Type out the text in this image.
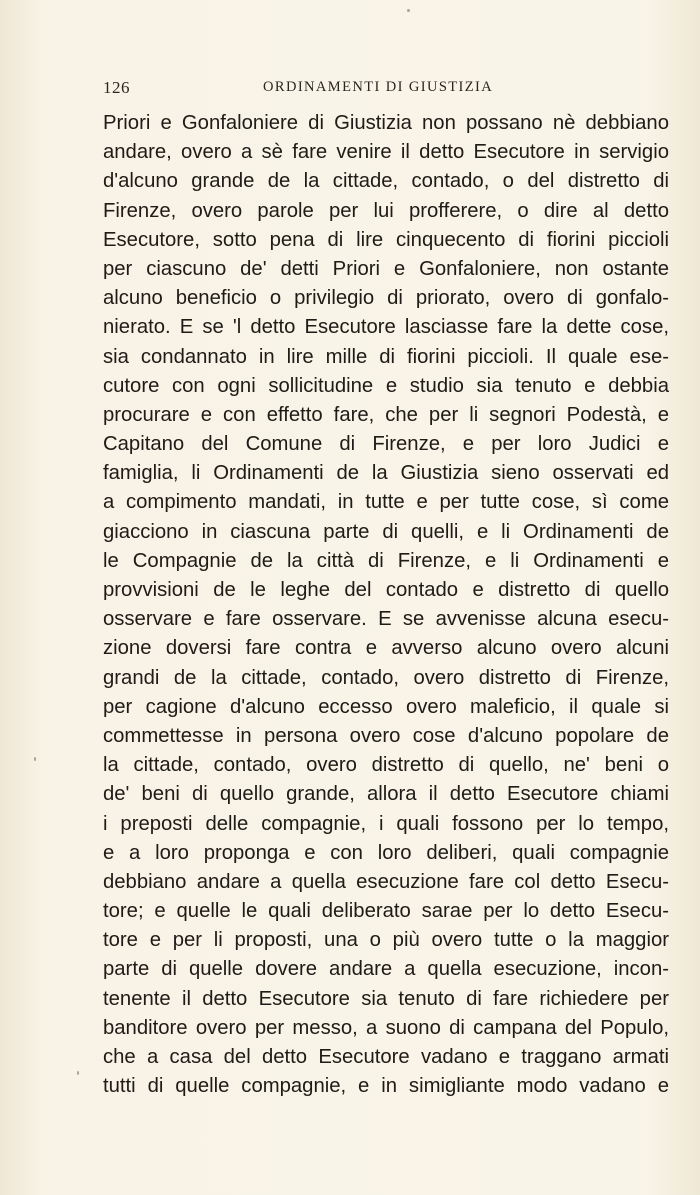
126	ORDINAMENTI DI GIUSTIZIA
Priori e Gonfaloniere di Giustizia non possano nè debbiano
andare, overo a sè fare venire il detto Esecutore in servigio
d'alcuno grande de la cittade, contado, o del distretto di
Firenze, overo parole per lui profferere, o dire al detto
Esecutore, sotto pena di lire cinquecento di fiorini piccioli
per ciascuno de' detti Priori e Gonfaloniere, non ostante
alcuno beneficio o privilegio di priorato, overo di gonfalo-
nierato. E se 'l detto Esecutore lasciasse fare la dette cose,
sia condannato in lire mille di fiorini piccioli. Il quale ese-
cutore con ogni sollicitudine e studio sia tenuto e debbia
procurare e con effetto fare, che per li segnori Podestà, e
Capitano del Comune di Firenze, e per loro Judici e
famiglia, li Ordinamenti de la Giustizia sieno osservati ed
a compimento mandati, in tutte e per tutte cose, sì come
giacciono in ciascuna parte di quelli, e li Ordinamenti de
le Compagnie de la città di Firenze, e li Ordinamenti e
provvisioni de le leghe del contado e distretto di quello
osservare e fare osservare. E se avvenisse alcuna esecu-
zione doversi fare contra e avverso alcuno overo alcuni
grandi de la cittade, contado, overo distretto di Firenze,
per cagione d'alcuno eccesso overo maleficio, il quale si
commettesse in persona overo cose d'alcuno popolare de
la cittade, contado, overo distretto di quello, ne' beni o
de' beni di quello grande, allora il detto Esecutore chiami
i preposti delle compagnie, i quali fossono per lo tempo,
e a loro proponga e con loro deliberi, quali compagnie
debbiano andare a quella esecuzione fare col detto Esecu-
tore; e quelle le quali deliberato sarae per lo detto Esecu-
tore e per li proposti, una o più overo tutte o la maggior
parte di quelle dovere andare a quella esecuzione, incon-
tenente il detto Esecutore sia tenuto di fare richiedere per
banditore overo per messo, a suono di campana del Populo,
che a casa del detto Esecutore vadano e traggano armati
tutti di quelle compagnie, e in simigliante modo vadano e
